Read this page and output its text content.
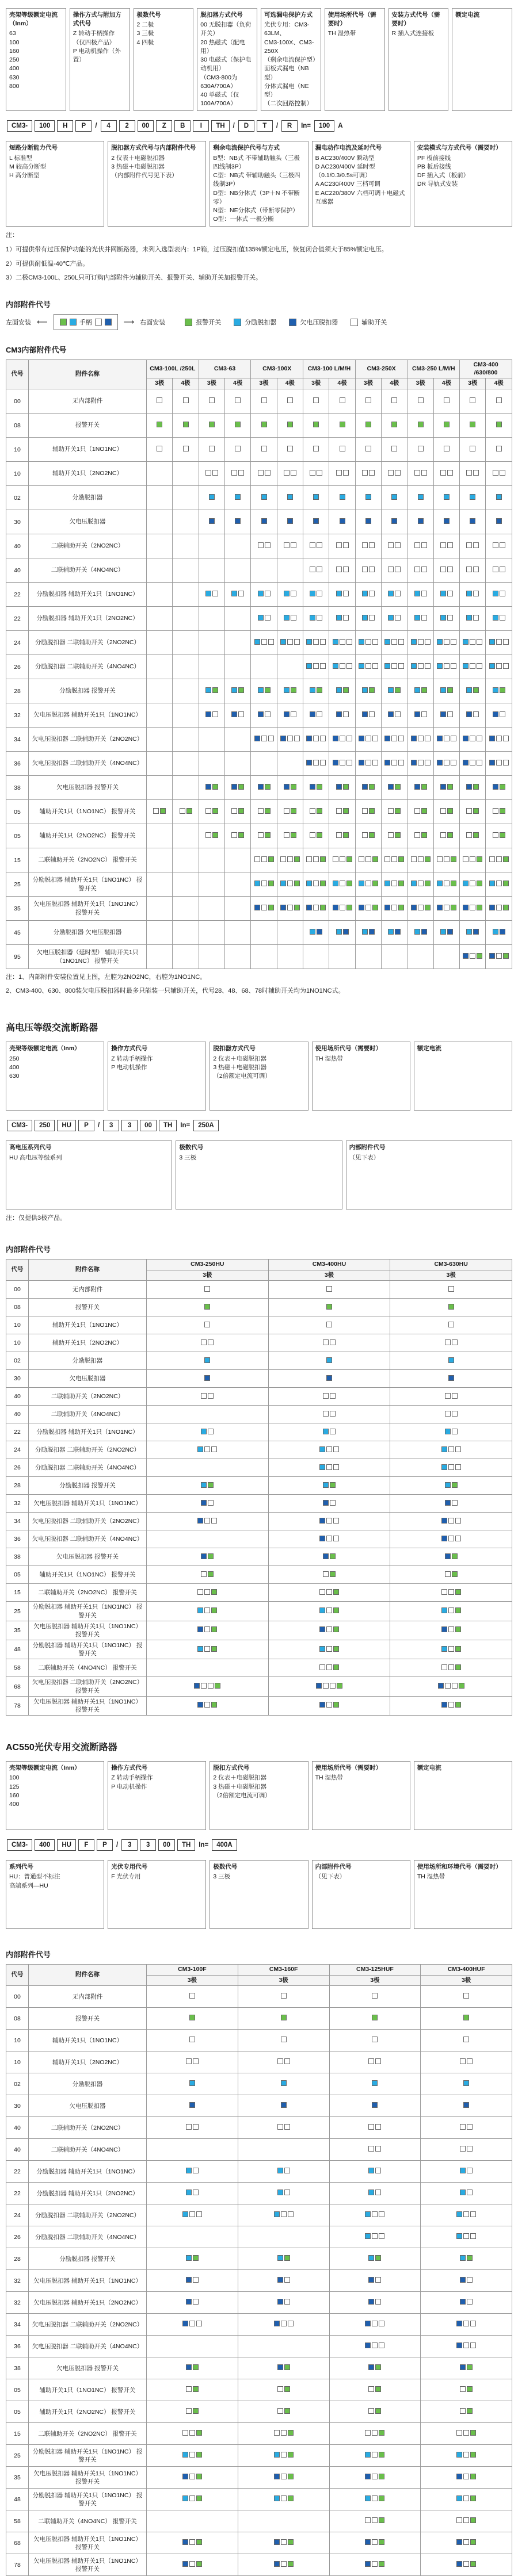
壳架等级额定电流（Inm）
63
100
160
250
400
630
800
操作方式与附加方式代号
Z 转动手柄操作（仅四极产品）
P 电动机操作（外置）
极数代号
2 二极
3 三极
4 四极
脱扣器方式代号
00 无脱扣器（负荷开关）
20 热磁式（配电用）
30 电磁式（保护电动机用）
（CM3-800为630A/700A）
40 单磁式（仅100A/700A）
可选漏电保护方式
光伏专用：CM3-63LM、
CM3-100X、CM3-250X
（剩余电流保护型）
面板式漏电（NB型）
分体式漏电（NE型）
（二次回路控制）
使用场所代号（需要时）
TH 湿热带
安装方式代号（需要时）
R 插入式连接板
额定电流
CM3-	100	H	P	/	4	2	00	Z	B	I	TH	/	D	T	/	R	In=	100	A
短路分断能力代号
L 标准型
M 较高分断型
H 高分断型
脱扣器方式代号与内部附件代号
2 仪表＋电磁脱扣器
3 热磁＋电磁脱扣器
（内部附件代号见下表）
剩余电流保护代号与方式
B型：NB式 不带辅助触头（三极四线制3P）
C型：NB式 带辅助触头（三极四线制3P）
D型：NB分体式（3P＋N 不带断零）
N型：NE分体式（带断零保护）
O型：一体式 一极分断
漏电动作电流及延时代号
B AC230/400V 瞬动型
D AC230/400V 延时型（0.1/0.3/0.5s可调）
A AC230/400V 三档可调
E AC220/380V 六档可调＋电磁式互感器
安装模式与方式代号（需要时）
PF 板前接线
PB 板后接线
DF 插入式（板前）
DR 导轨式安装
注：
1）可提供带有过压保护功能的光伏并网断路器，未列入选型表内：1P箱，过压脱扣值135%额定电压，恢复闭合值须大于85%额定电压。
2）可提供耐低温-40℃产品。
3）二极CM3-100L、250L只可订购内部附件为辅助开关、报警开关、辅助开关加报警开关。
内部附件代号
左面安装 ⟵	手柄	⟶ 右面安装	报警开关	分励脱扣器	欠电压脱扣器	辅助开关
CM3内部附件代号
代号	附件名称	CM3-100L /250L		CM3-63		CM3-100X		CM3-100 L/M/H		CM3-250X		CM3-250 L/M/H		CM3-400 /630/800	
		3极	4极	3极	4极	3极	4极	3极	4极	3极	4极	3极	4极	3极	4极
00	无内部附件	

08	报警开关	

10	辅助开关1只（1NO1NC）	

10	辅助开关1只（2NO2NC）			

02	分励脱扣器			

30	欠电压脱扣器			

40	二联辅助开关（2NO2NC）					

40	二联辅助开关（4NO4NC）							

22	分励脱扣器 辅助开关1只（1NO1NC）			

22	分励脱扣器 辅助开关1只（2NO2NC）					

24	分励脱扣器 二联辅助开关（2NO2NC）					

26	分励脱扣器 二联辅助开关（4NO4NC）							

28	分励脱扣器 报警开关			

32	欠电压脱扣器 辅助开关1只（1NO1NC）			

34	欠电压脱扣器 二联辅助开关（2NO2NC）					

36	欠电压脱扣器 二联辅助开关（4NO4NC）							

38	欠电压脱扣器 报警开关			

05	辅助开关1只（1NO1NC） 报警开关	

05	辅助开关1只（2NO2NC） 报警开关			

15	二联辅助开关（2NO2NC） 报警开关					

25	分励脱扣器 辅助开关1只（1NO1NC） 报警开关					

35	欠电压脱扣器 辅助开关1只（1NO1NC） 报警开关					

45	分励脱扣器 欠电压脱扣器							

95	欠电压脱扣器（延时型） 辅助开关1只（1NO1NC） 报警开关													

注：1、内部附件安装位置见上图，左腔为2NO2NC，右腔为1NO1NC。
2、CM3-400、630、800装欠电压脱扣器时最多只能装一只辅助开关，代号28、48、68、78时辅助开关均为1NO1NC式。
高电压等级交流断路器
壳架等级额定电流（Inm）
250
400
630
操作方式代号
Z 转动手柄操作
P 电动机操作
脱扣器方式代号
2 仪表＋电磁脱扣器
3 热磁＋电磁脱扣器
（2倍额定电流可调）
使用场所代号（需要时）
TH 湿热带
额定电流
CM3-	250	HU	P	/	3	3	00	TH	In=	250A
高电压系列代号
HU 高电压等级系列
极数代号
3 三极
内部附件代号
（见下表）
注：仅提供3极产品。
内部附件代号
代号	附件名称	CM3-250HU	CM3-400HU	CM3-630HU
		3极	3极	3极
00	无内部附件	

08	报警开关	

10	辅助开关1只（1NO1NC）	

10	辅助开关1只（2NO2NC）	

02	分励脱扣器	

30	欠电压脱扣器	

40	二联辅助开关（2NO2NC）	

40	二联辅助开关（4NO4NC）		

22	分励脱扣器 辅助开关1只（1NO1NC）	

24	分励脱扣器 二联辅助开关（2NO2NC）	

26	分励脱扣器 二联辅助开关（4NO4NC）		

28	分励脱扣器 报警开关	

32	欠电压脱扣器 辅助开关1只（1NO1NC）	

34	欠电压脱扣器 二联辅助开关（2NO2NC）	

36	欠电压脱扣器 二联辅助开关（4NO4NC）		

38	欠电压脱扣器 报警开关	

05	辅助开关1只（1NO1NC） 报警开关	

15	二联辅助开关（2NO2NC） 报警开关	

25	分励脱扣器 辅助开关1只（1NO1NC） 报警开关	

35	欠电压脱扣器 辅助开关1只（1NO1NC） 报警开关	

48	分励脱扣器 辅助开关1只（1NO1NC） 报警开关	

58	二联辅助开关（4NO4NC） 报警开关		

68	欠电压脱扣器 二联辅助开关（2NO2NC） 报警开关	

78	欠电压脱扣器 辅助开关1只（1NO1NC） 报警开关	

AC550光伏专用交流断路器
壳架等级额定电流（Inm）
100
125
160
400
操作方式代号
Z 转动手柄操作
P 电动机操作
脱扣方式代号
2 仪表＋电磁脱扣器
3 热磁＋电磁脱扣器
（2倍额定电流可调）
使用场所代号（需要时）
TH 湿热带
额定电流
CM3-	400	HU	F	P	/	3	3	00	TH	In=	400A
系列代号
HU：普通型不标注
高端系列—HU
光伏专用代号
F 光伏专用
极数代号
3 三极
内部附件代号
（见下表）
使用场所和环境代号（需要时）
TH 湿热带
内部附件代号
代号	附件名称	CM3-100F	CM3-160F	CM3-125HUF	CM3-400HUF
		3极	3极	3极	3极
00	无内部附件	

08	报警开关	

10	辅助开关1只（1NO1NC）	

10	辅助开关1只（2NO2NC）	

02	分励脱扣器	

30	欠电压脱扣器	

40	二联辅助开关（2NO2NC）	

40	二联辅助开关（4NO4NC）			

22	分励脱扣器 辅助开关1只（1NO1NC）	

22	分励脱扣器 辅助开关1只（2NO2NC）	

24	分励脱扣器 二联辅助开关（2NO2NC）	

26	分励脱扣器 二联辅助开关（4NO4NC）			

28	分励脱扣器 报警开关	

32	欠电压脱扣器 辅助开关1只（1NO1NC）	

32	欠电压脱扣器 辅助开关1只（2NO2NC）	

34	欠电压脱扣器 二联辅助开关（2NO2NC）	

36	欠电压脱扣器 二联辅助开关（4NO4NC）			

38	欠电压脱扣器 报警开关	

05	辅助开关1只（1NO1NC） 报警开关	

05	辅助开关1只（2NO2NC） 报警开关	

15	二联辅助开关（2NO2NC） 报警开关	

25	分励脱扣器 辅助开关1只（1NO1NC） 报警开关	

35	欠电压脱扣器 辅助开关1只（1NO1NC） 报警开关	

48	分励脱扣器 辅助开关1只（1NO1NC） 报警开关	

58	二联辅助开关（4NO4NC） 报警开关			

68	欠电压脱扣器 辅助开关1只（1NO1NC） 报警开关	

78	欠电压脱扣器 辅助开关1只（1NO1NC） 报警开关	
